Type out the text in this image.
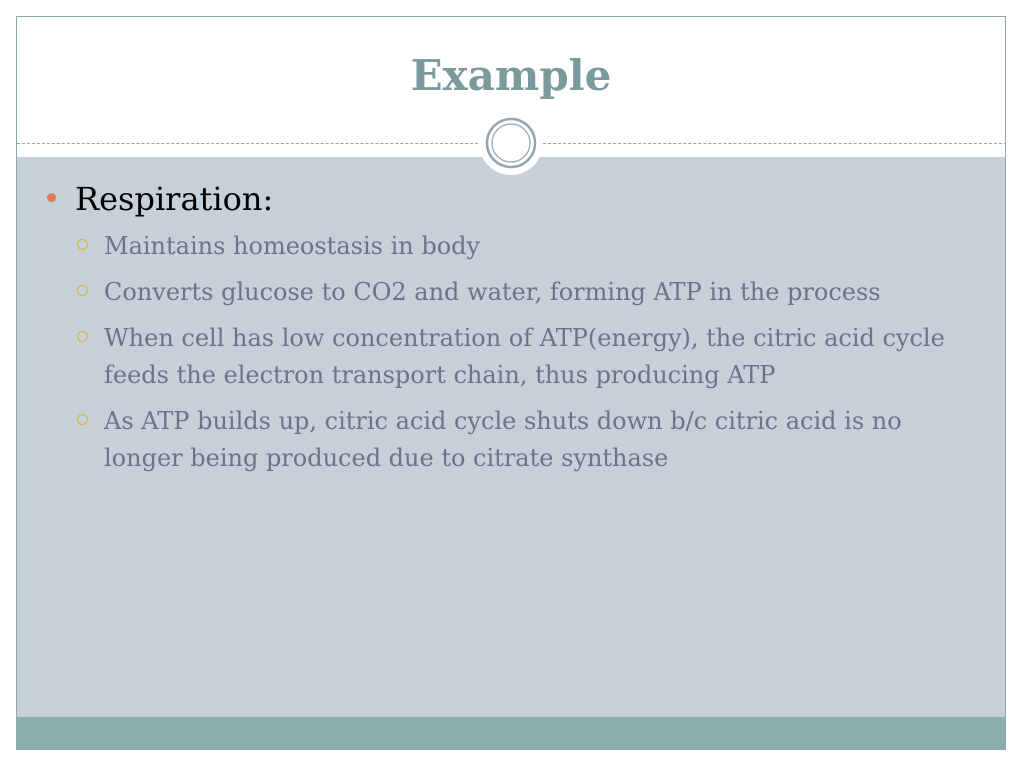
Example
Respiration:
Maintains homeostasis in body
Converts glucose to CO2 and water, forming ATP in the process
When cell has low concentration of ATP(energy), the citric acid cycle feeds the electron transport chain, thus producing ATP
As ATP builds up, citric acid cycle shuts down b/c citric acid is no longer being produced due to citrate synthase
